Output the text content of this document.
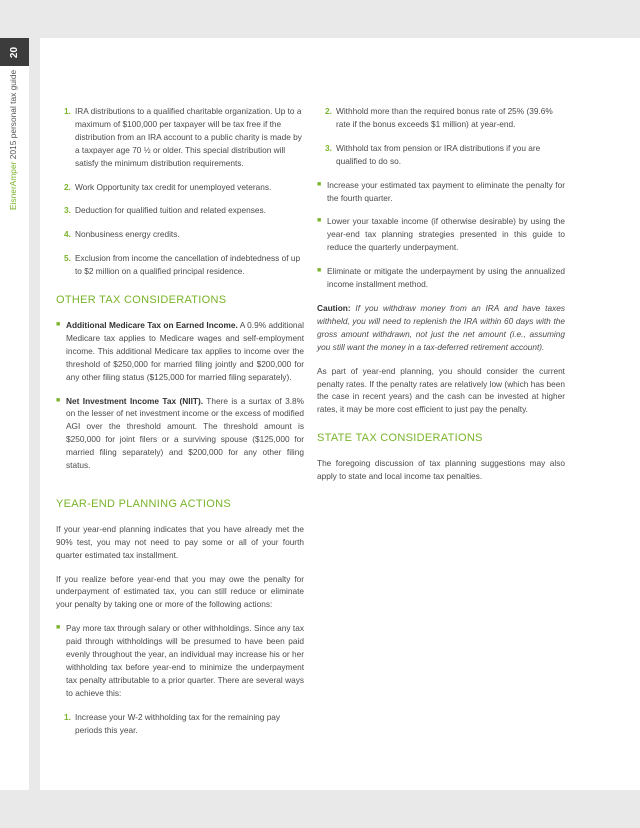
20
EisnerAmper 2015 personal tax guide	1. IRA distributions to a qualified charitable organization. Up to a maximum of $100,000 per taxpayer will be tax free if the distribution from an IRA account to a public charity is made by a taxpayer age 70 ½ or older. This special distribution will satisfy the minimum distribution requirements.
2. Work Opportunity tax credit for unemployed veterans.
3. Deduction for qualified tuition and related expenses.
4. Nonbusiness energy credits.
5. Exclusion from income the cancellation of indebtedness of up to $2 million on a qualified principal residence.
OTHER TAX CONSIDERATIONS
■ Additional Medicare Tax on Earned Income. A 0.9% additional Medicare tax applies to Medicare wages and self-employment income. This additional Medicare tax applies to income over the threshold of $250,000 for married filing jointly and $200,000 for any other filing status ($125,000 for married filing separately).
■ Net Investment Income Tax (NIIT). There is a surtax of 3.8% on the lesser of net investment income or the excess of modified AGI over the threshold amount. The threshold amount is $250,000 for joint filers or a surviving spouse ($125,000 for married filing separately) and $200,000 for any other filing status.
YEAR-END PLANNING ACTIONS

If your year-end planning indicates that you have already met the 90% test, you may not need to pay some or all of your fourth quarter estimated tax installment.

If you realize before year-end that you may owe the penalty for underpayment of estimated tax, you can still reduce or eliminate your penalty by taking one or more of the following actions:

■ Pay more tax through salary or other withholdings. Since any tax paid through withholdings will be presumed to have been paid evenly throughout the year, an individual may increase his or her withholding tax before year-end to minimize the underpayment tax penalty attributable to a prior quarter. There are several ways to achieve this:
1. Increase your W-2 withholding tax for the remaining pay periods this year.
2. Withhold more than the required bonus rate of 25% (39.6% rate if the bonus exceeds $1 million) at year-end.
3. Withhold tax from pension or IRA distributions if you are qualified to do so.
■ Increase your estimated tax payment to eliminate the penalty for the fourth quarter.
■ Lower your taxable income (if otherwise desirable) by using the year-end tax planning strategies presented in this guide to reduce the quarterly underpayment.
■ Eliminate or mitigate the underpayment by using the annualized income installment method.

Caution: If you withdraw money from an IRA and have taxes withheld, you will need to replenish the IRA within 60 days with the gross amount withdrawn, not just the net amount (i.e., assuming you still want the money in a tax-deferred retirement account).

As part of year-end planning, you should consider the current penalty rates. If the penalty rates are relatively low (which has been the case in recent years) and the cash can be invested at higher rates, it may be more cost efficient to just pay the penalty.

STATE TAX CONSIDERATIONS

The foregoing discussion of tax planning suggestions may also apply to state and local income tax penalties.
